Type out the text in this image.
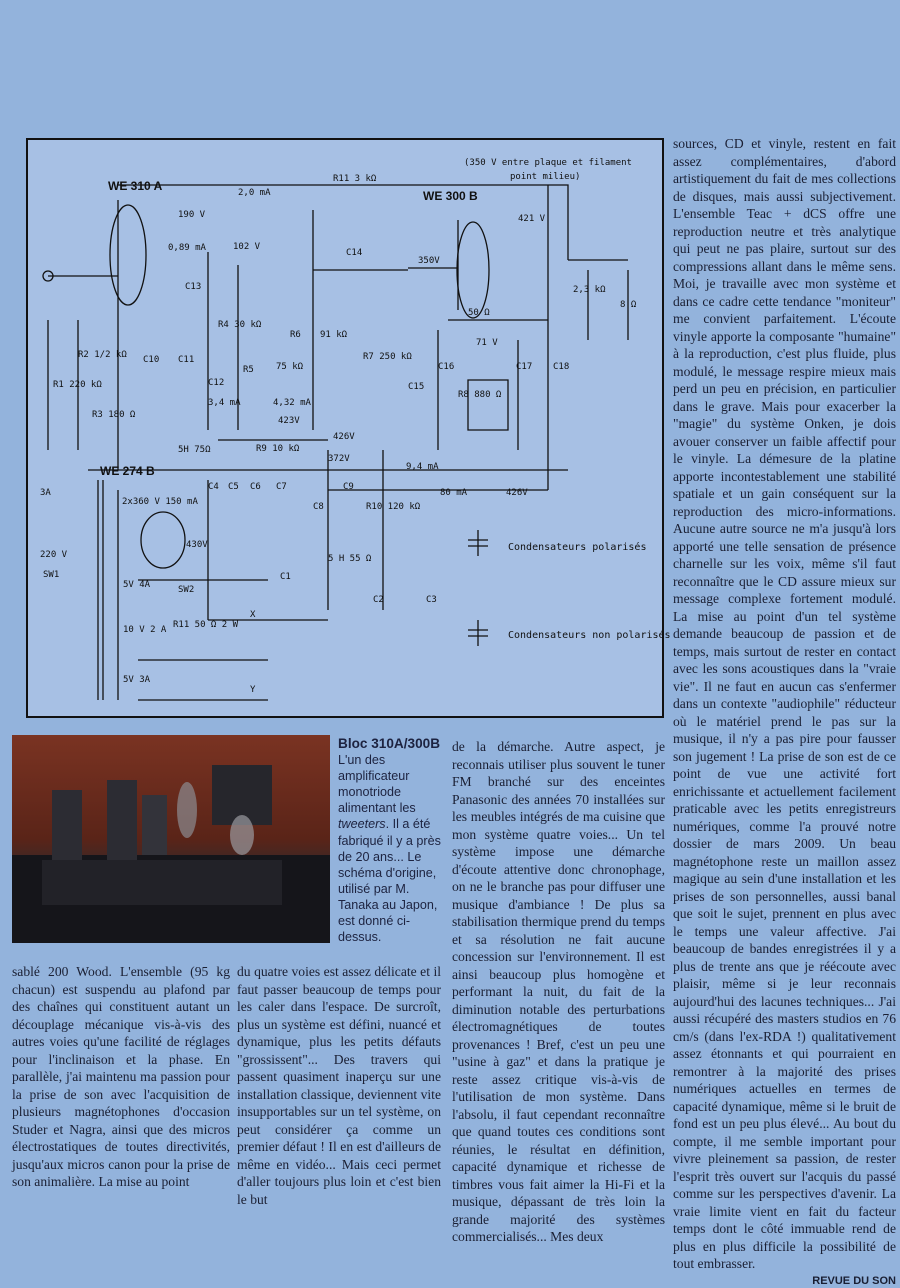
WE 310 A
WE 300 B
WE 274 B
(350 V entre plaque et filament
point milieu)
190 V
102 V
421 V
350V
71 V
423V
426V
372V
426V
430V
2,0 mA
0,89 mA
3,4 mA	4,32 mA
9,4 mA
80 mA
R11 3 kΩ
C14
C13
R6 91 kΩ
R7 250 kΩ
R8 880 Ω
50 Ω
R10 120 kΩ
R9 10 kΩ
5H 75Ω
5 H 55 Ω
2,3 kΩ
8 Ω
R1 220 kΩ
R2 1/2 kΩ
R3 180 Ω
C10 C11
C12	C15
C16	C17 C18
C4 C5 C6 C7
C8
C9
C1
C2	C3
R4 30 kΩ
R5 75 kΩ
3A
220 V
SW1
SW2
2x360 V 150 mA
5V 4A
10 V 2 A R11 50 Ω 2 W
5V 3A
X
Y
Condensateurs polarisés
Condensateurs non polarisés
Bloc 310A/300B
L'un des amplificateur monotriode alimentant les tweeters. Il a été fabriqué il y a près de 20 ans... Le schéma d'origine, utilisé par M. Tanaka au Japon, est donné ci-dessus.

de la démarche. Autre aspect, je reconnais utiliser plus souvent le tuner FM branché sur des enceintes Panasonic des années 70 installées sur les meubles intégrés de ma cuisine que mon système quatre voies... Un tel système impose une démarche d'écoute attentive donc chronophage, on ne le branche pas pour diffuser une musique d'ambiance ! De plus sa stabilisation thermique prend du temps et sa résolution ne fait aucune concession sur l'environnement. Il est ainsi beaucoup plus homogène et performant la nuit, du fait de la diminution notable des perturbations électromagnétiques de toutes provenances ! Bref, c'est un peu une "usine à gaz" et dans la pratique je reste assez critique vis-à-vis de l'utilisation de mon système. Dans l'absolu, il faut cependant reconnaître que quand toutes ces conditions sont réunies, le résultat en définition, capacité dynamique et richesse de timbres vous fait aimer la Hi-Fi et la musique, dépassant de très loin la grande majorité des systèmes commercialisés... Mes deux

sources, CD et vinyle, restent en fait assez complémentaires, d'abord artistiquement du fait de mes collections de disques, mais aussi subjectivement. L'ensemble Teac + dCS offre une reproduction neutre et très analytique qui peut ne pas plaire, surtout sur des compressions allant dans le même sens. Moi, je travaille avec mon système et dans ce cadre cette tendance "moniteur" me convient parfaitement. L'écoute vinyle apporte la composante "humaine" à la reproduction, c'est plus fluide, plus modulé, le message respire mieux mais perd un peu en précision, en particulier dans le grave. Mais pour exacerber la "magie" du système Onken, je dois avouer conserver un faible affectif pour le vinyle. La démesure de la platine apporte incontestablement une stabilité spatiale et un gain conséquent sur la reproduction des micro-informations. Aucune autre source ne m'a jusqu'à lors apporté une telle sensation de présence charnelle sur les voix, même s'il faut reconnaître que le CD assure mieux sur message complexe fortement modulé. La mise au point d'un tel système demande beaucoup de passion et de temps, mais surtout de rester en contact avec les sons acoustiques dans la "vraie vie". Il ne faut en aucun cas s'enfermer dans un contexte "audiophile" réducteur où le matériel prend le pas sur la musique, il n'y a pas pire pour fausser son jugement ! La prise de son est de ce point de vue une activité fort enrichissante et actuellement facilement praticable avec les petits enregistreurs numériques, comme l'a prouvé notre dossier de mars 2009. Un beau magnétophone reste un maillon assez magique au sein d'une installation et les prises de son personnelles, aussi banal que soit le sujet, prennent en plus avec le temps une valeur affective. J'ai beaucoup de bandes enregistrées il y a plus de trente ans que je réécoute avec plaisir, même si je leur reconnais aujourd'hui des lacunes techniques... J'ai aussi récupéré des masters studios en 76 cm/s (dans l'ex-RDA !) qualitativement assez étonnants et qui pourraient en remontrer à la majorité des prises numériques actuelles en termes de capacité dynamique, même si le bruit de fond est un peu plus élevé... Au bout du compte, il me semble important pour vivre pleinement sa passion, de rester l'esprit très ouvert sur l'acquis du passé comme sur les perspectives d'avenir. La vraie limite vient en fait du facteur temps dont le côté immuable rend de plus en plus difficile la possibilité de tout embrasser.

sablé 200 Wood. L'ensemble (95 kg chacun) est suspendu au plafond par des chaînes qui constituent autant un découplage mécanique vis-à-vis des autres voies qu'une facilité de réglages pour l'inclinaison et la phase. En parallèle, j'ai maintenu ma passion pour la prise de son avec l'acquisition de plusieurs magnétophones d'occasion Studer et Nagra, ainsi que des micros électrostatiques de toutes directivités, jusqu'aux micros canon pour la prise de son animalière. La mise au point

du quatre voies est assez délicate et il faut passer beaucoup de temps pour les caler dans l'espace. De surcroît, plus un système est défini, nuancé et dynamique, plus les petits défauts "grossissent"... Des travers qui passent quasiment inaperçu sur une installation classique, deviennent vite insupportables sur un tel système, on peut considérer ça comme un premier défaut ! Il en est d'ailleurs de même en vidéo... Mais ceci permet d'aller toujours plus loin et c'est bien le but

REVUE DU SON
